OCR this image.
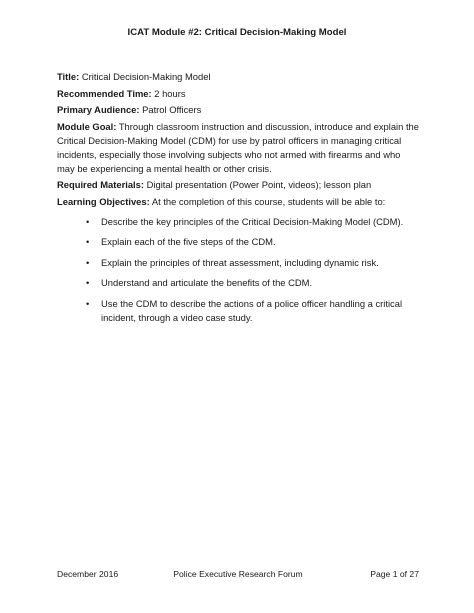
ICAT Module #2: Critical Decision-Making Model
Title: Critical Decision-Making Model
Recommended Time: 2 hours
Primary Audience: Patrol Officers
Module Goal: Through classroom instruction and discussion, introduce and explain the Critical Decision-Making Model (CDM) for use by patrol officers in managing critical incidents, especially those involving subjects who not armed with firearms and who may be experiencing a mental health or other crisis.
Required Materials: Digital presentation (Power Point, videos); lesson plan
Learning Objectives: At the completion of this course, students will be able to:
• Describe the key principles of the Critical Decision-Making Model (CDM).
• Explain each of the five steps of the CDM.
• Explain the principles of threat assessment, including dynamic risk.
• Understand and articulate the benefits of the CDM.
• Use the CDM to describe the actions of a police officer handling a critical incident, through a video case study.
December 2016	Police Executive Research Forum	Page 1 of 27
